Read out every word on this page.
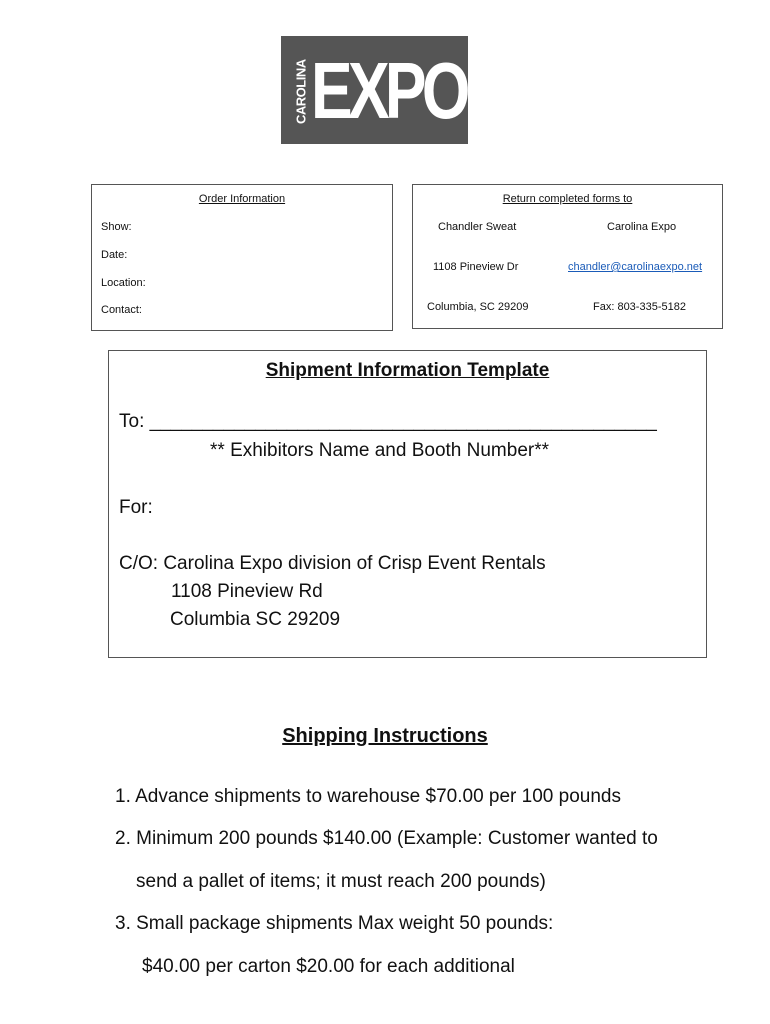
CAROLINA EXPO
Order Information
Show:
Date:
Location:
Contact:
Return completed forms to
Chandler Sweat	Carolina Expo
1108 Pineview Dr	chandler@carolinaexpo.net
Columbia, SC 29209	Fax: 803-335-5182
Shipment Information Template
To: ________________________________________________
** Exhibitors Name and Booth Number**
For:
C/O: Carolina Expo division of Crisp Event Rentals
1108 Pineview Rd
Columbia SC 29209
Shipping Instructions
1. Advance shipments to warehouse $70.00 per 100 pounds
2. Minimum 200 pounds $140.00 (Example: Customer wanted to
send a pallet of items; it must reach 200 pounds)
3. Small package shipments Max weight 50 pounds:
$40.00 per carton $20.00 for each additional
